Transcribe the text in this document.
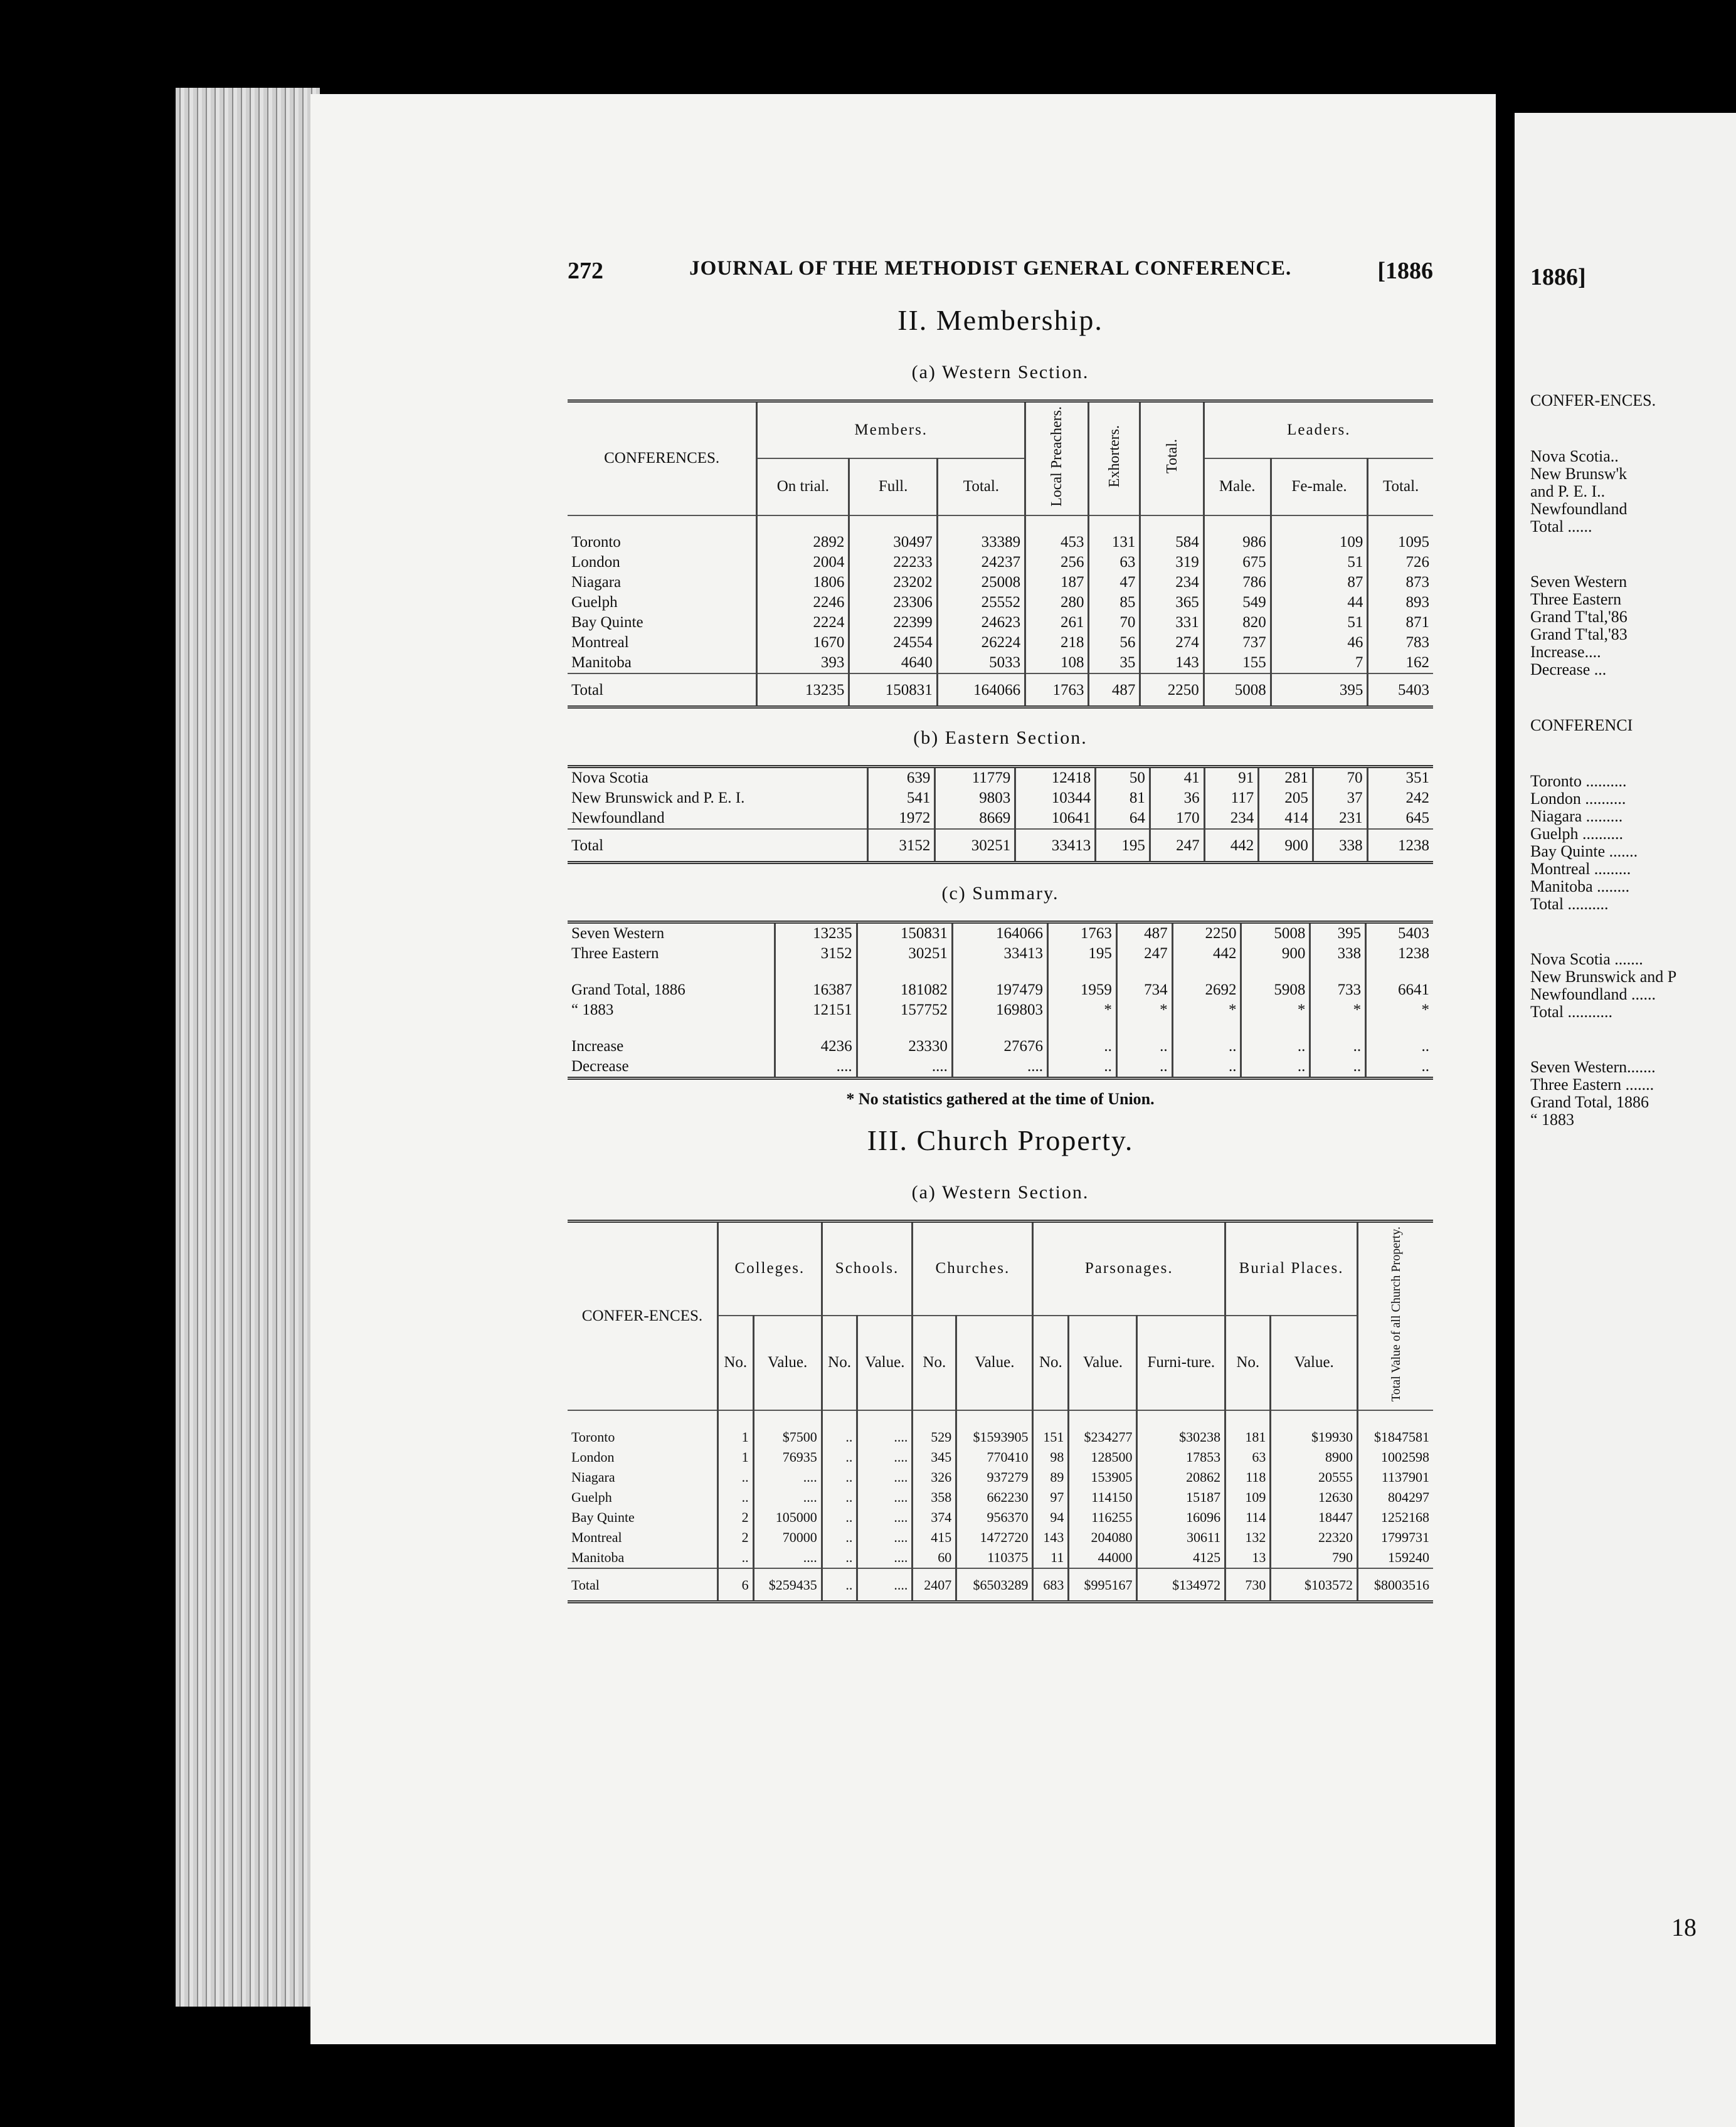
272	JOURNAL OF THE METHODIST GENERAL CONFERENCE.	[1886
II. Membership.
(a) Western Section.
CONFERENCES.	Members.			Local Preachers.	Exhorters.	Total.	Leaders.		
	On trial.	Full.	Total.				Male.	Fe-male.	Total.

Toronto	2892	30497	33389	453	131	584	986	109	1095
London	2004	22233	24237	256	63	319	675	51	726
Niagara	1806	23202	25008	187	47	234	786	87	873
Guelph	2246	23306	25552	280	85	365	549	44	893
Bay Quinte	2224	22399	24623	261	70	331	820	51	871
Montreal	1670	24554	26224	218	56	274	737	46	783
Manitoba	393	4640	5033	108	35	143	155	7	162
Total	13235	150831	164066	1763	487	2250	5008	395	5403
(b) Eastern Section.
Nova Scotia	639	11779	12418	50	41	91	281	70	351
New Brunswick and P. E. I.	541	9803	10344	81	36	117	205	37	242
Newfoundland	1972	8669	10641	64	170	234	414	231	645
Total	3152	30251	33413	195	247	442	900	338	1238
(c) Summary.
Seven Western	13235	150831	164066	1763	487	2250	5008	395	5403
Three Eastern	3152	30251	33413	195	247	442	900	338	1238

Grand Total, 1886	16387	181082	197479	1959	734	2692	5908	733	6641
“ 1883	12151	157752	169803	*	*	*	*	*	*

Increase	4236	23330	27676	..	..	..	..	..	..
Decrease	....	....	....	..	..	..	..	..	..
* No statistics gathered at the time of Union.
III. Church Property.
(a) Western Section.
CONFER-ENCES.	Colleges.		Schools.		Churches.		Parsonages.			Burial Places.		Total Value of all Church Property.
	No.	Value.	No.	Value.	No.	Value.	No.	Value.	Furni-ture.	No.	Value.	

Toronto	1	$7500	..	....	529	$1593905	151	$234277	$30238	181	$19930	$1847581
London	1	76935	..	....	345	770410	98	128500	17853	63	8900	1002598
Niagara	..	....	..	....	326	937279	89	153905	20862	118	20555	1137901
Guelph	..	....	..	....	358	662230	97	114150	15187	109	12630	804297
Bay Quinte	2	105000	..	....	374	956370	94	116255	16096	114	18447	1252168
Montreal	2	70000	..	....	415	1472720	143	204080	30611	132	22320	1799731
Manitoba	..	....	..	....	60	110375	11	44000	4125	13	790	159240
Total	6	$259435	..	....	2407	$6503289	683	$995167	$134972	730	$103572	$8003516
1886]
CONFER-ENCES.
Nova Scotia..
New Brunsw'k
and P. E. I..
Newfoundland
Total ......
Seven Western
Three Eastern
Grand T'tal,'86
Grand T'tal,'83
Increase....
Decrease ...
CONFERENCI
Toronto ..........
London ..........
Niagara .........
Guelph ..........
Bay Quinte .......
Montreal .........
Manitoba ........
Total ..........
Nova Scotia .......
New Brunswick and P
Newfoundland ......
Total ...........
Seven Western.......
Three Eastern .......
Grand Total, 1886
“ 1883
18
